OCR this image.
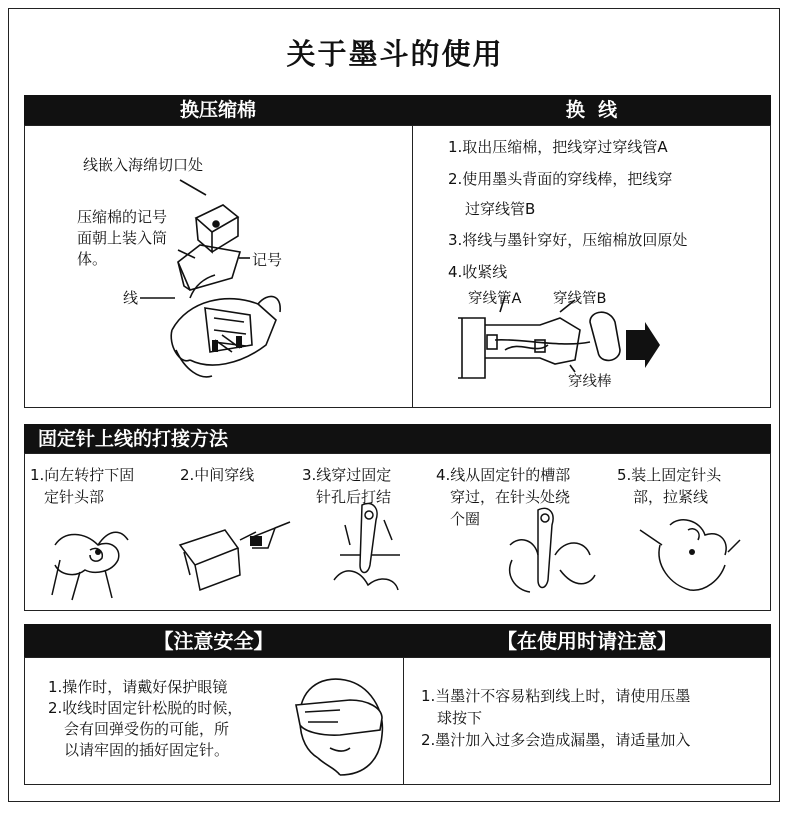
关于墨斗的使用
换压缩棉	换  线
线嵌入海绵切口处
压缩棉的记号
面朝上装入筒
体。	记号
线
1.取出压缩棉，把线穿过穿线管A
2.使用墨头背面的穿线棒，把线穿
过穿线管B
3.将线与墨针穿好，压缩棉放回原处
4.收紧线
穿线管A 穿线管B
穿线棒
固定针上线的打接方法
1.向左转拧下固
定针头部
2.中间穿线	3.线穿过固定
针孔后打结
4.线从固定针的槽部
穿过，在针头处绕
个圈
5.装上固定针头
部，拉紧线
【注意安全】	【在使用时请注意】
1.操作时，请戴好保护眼镜
2.收线时固定针松脱的时候，
会有回弹受伤的可能，所
以请牢固的插好固定针。
1.当墨汁不容易粘到线上时，请使用压墨
球按下
2.墨汁加入过多会造成漏墨，请适量加入
